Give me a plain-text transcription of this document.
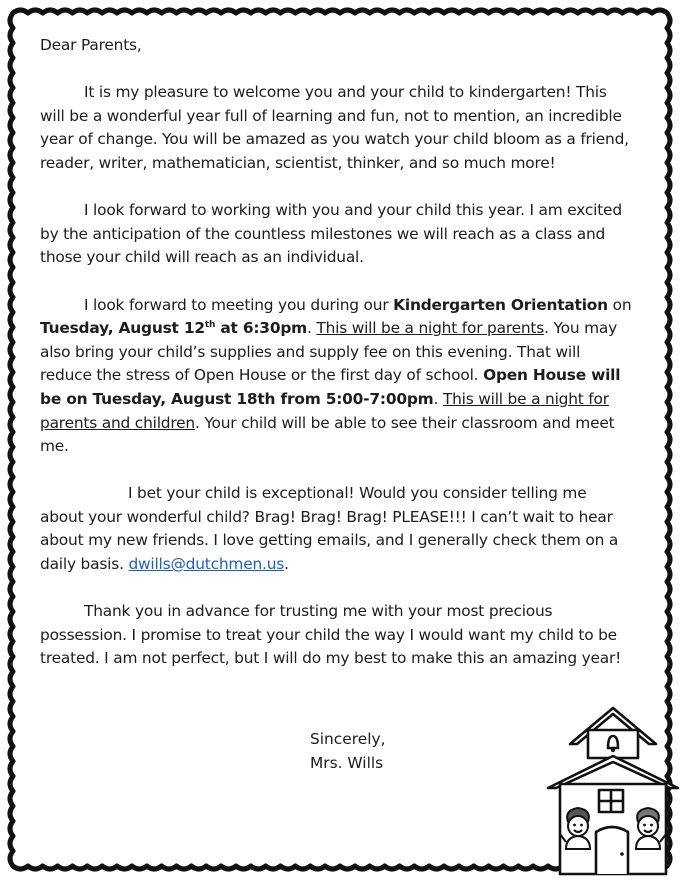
Dear Parents,

It is my pleasure to welcome you and your child to kindergarten! This will be a wonderful year full of learning and fun, not to mention, an incredible year of change. You will be amazed as you watch your child bloom as a friend, reader, writer, mathematician, scientist, thinker, and so much more!

I look forward to working with you and your child this year. I am excited by the anticipation of the countless milestones we will reach as a class and those your child will reach as an individual.

I look forward to meeting you during our Kindergarten Orientation on Tuesday, August 12th at 6:30pm. This will be a night for parents. You may also bring your child’s supplies and supply fee on this evening. That will reduce the stress of Open House or the first day of school. Open House will be on Tuesday, August 18th from 5:00-7:00pm. This will be a night for parents and children. Your child will be able to see their classroom and meet me.

I bet your child is exceptional! Would you consider telling me about your wonderful child? Brag! Brag! Brag! PLEASE!!! I can’t wait to hear about my new friends. I love getting emails, and I generally check them on a daily basis. dwills@dutchmen.us.

Thank you in advance for trusting me with your most precious possession. I promise to treat your child the way I would want my child to be treated. I am not perfect, but I will do my best to make this an amazing year!

Sincerely,
Mrs. Wills
